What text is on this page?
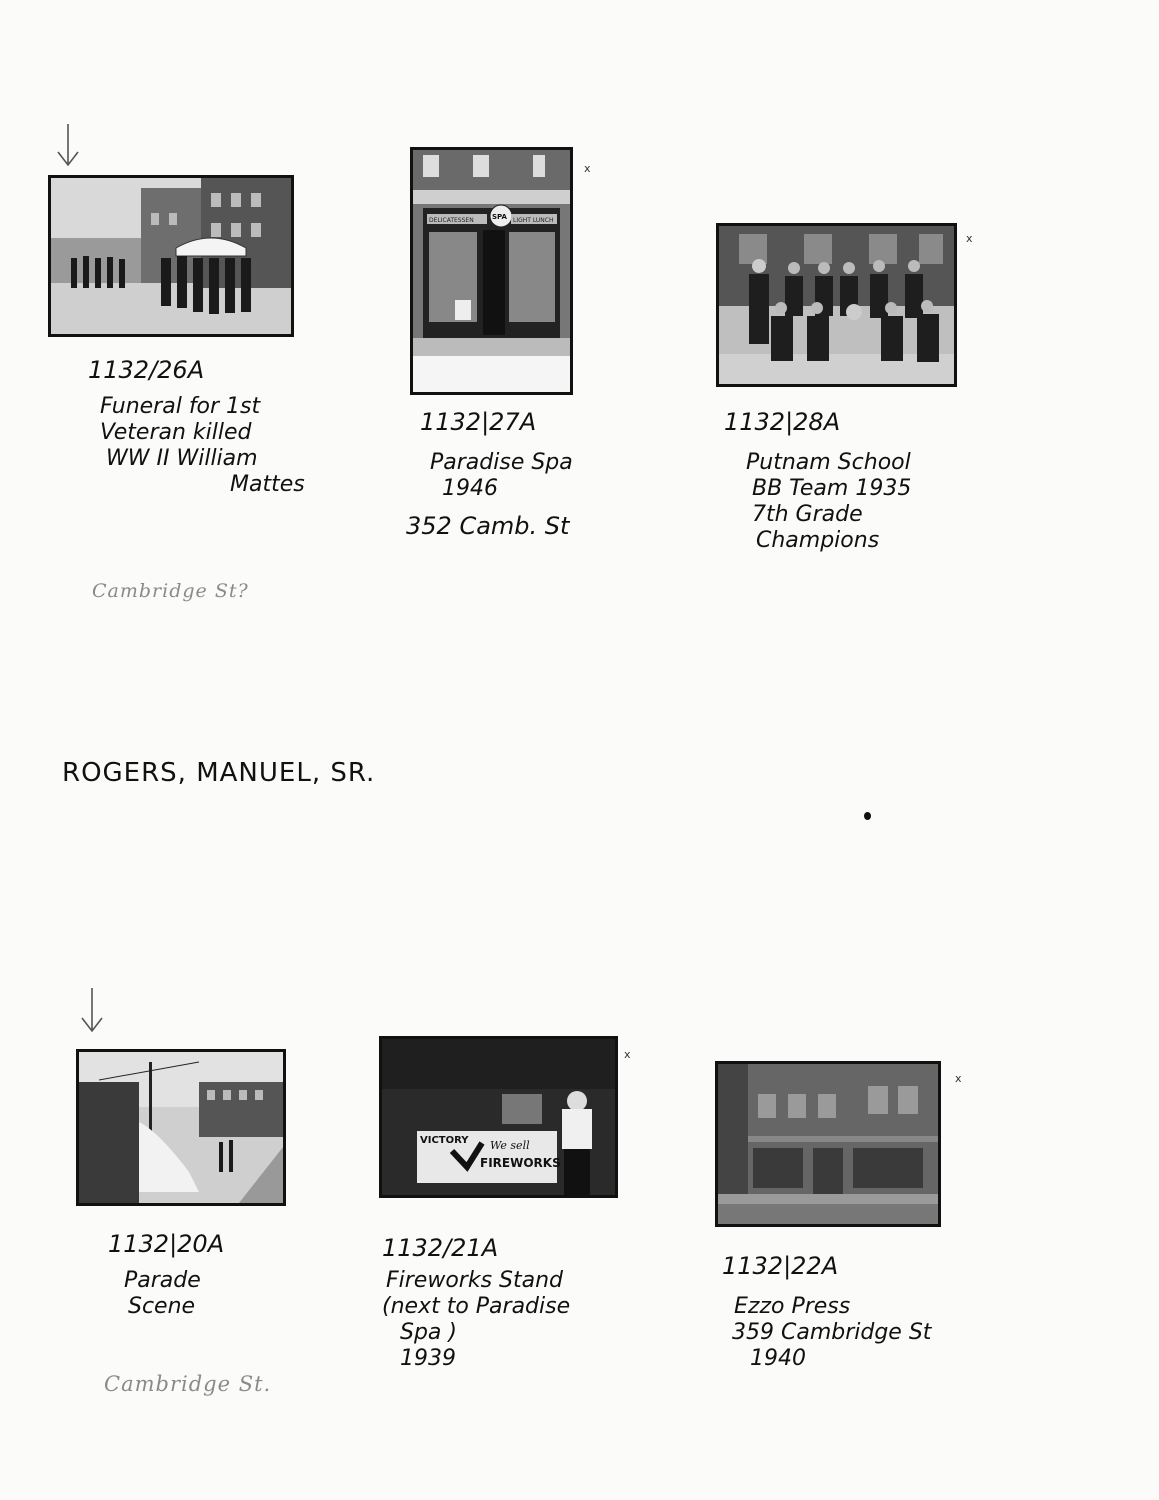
DELICATESSEN	SPA LIGHT LUNCH
x
x
1132/26A
Funeral for 1st
Veteran killed
WW II William
Mattes
Cambridge St?
1132|27A
Paradise Spa
1946
352 Camb. St
1132|28A
Putnam School
BB Team 1935
7th Grade
Champions
ROGERS, MANUEL, SR.
VICTORY We sell
FIREWORKS
x
x
1132|20A
Parade
Scene
Cambridge St.
1132/21A
Fireworks Stand
(next to Paradise
Spa )
1939
1132|22A
Ezzo Press
359 Cambridge St
1940
